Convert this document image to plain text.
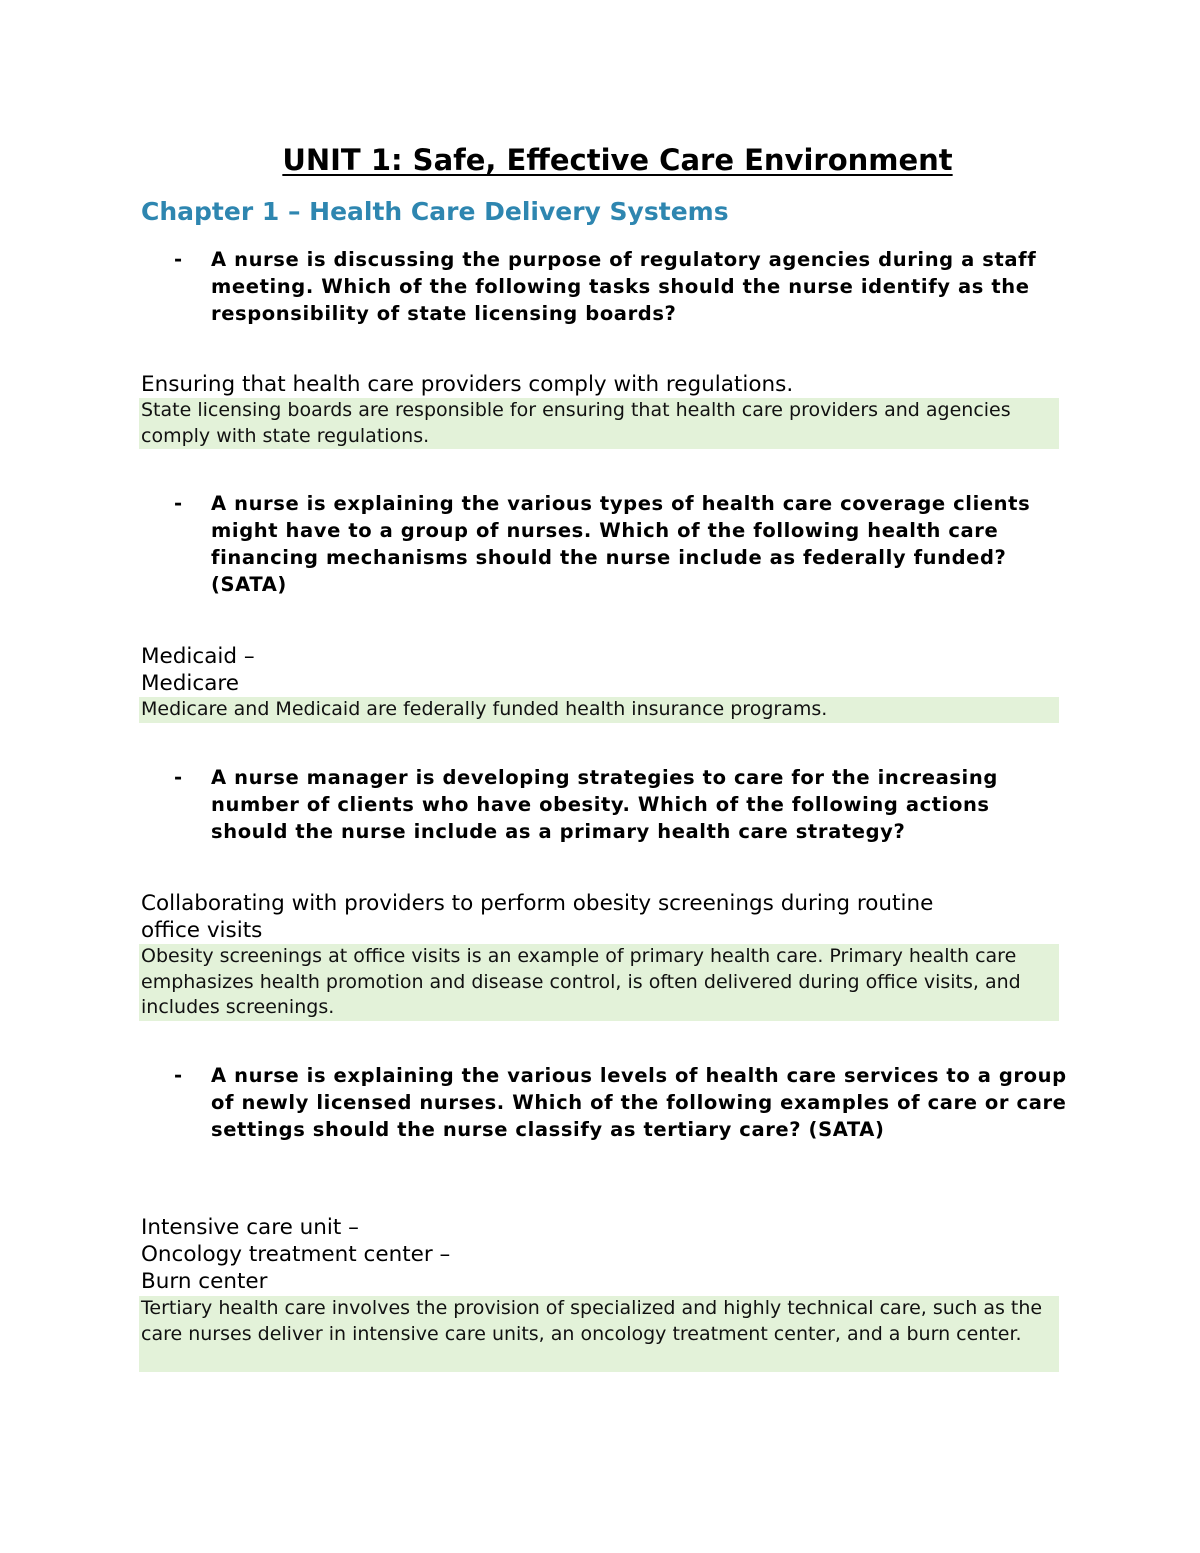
UNIT 1: Safe, Effective Care Environment
Chapter 1 – Health Care Delivery Systems
-	A nurse is discussing the purpose of regulatory agencies during a staff meeting. Which of the following tasks should the nurse identify as the responsibility of state licensing boards?
Ensuring that health care providers comply with regulations.
State licensing boards are responsible for ensuring that health care providers and agencies comply with state regulations.
-	A nurse is explaining the various types of health care coverage clients might have to a group of nurses. Which of the following health care financing mechanisms should the nurse include as federally funded? (SATA)
Medicaid –
Medicare
Medicare and Medicaid are federally funded health insurance programs.
-	A nurse manager is developing strategies to care for the increasing number of clients who have obesity. Which of the following actions should the nurse include as a primary health care strategy?
Collaborating with providers to perform obesity screenings during routine
office visits
Obesity screenings at office visits is an example of primary health care. Primary health care emphasizes health promotion and disease control, is often delivered during office visits, and includes screenings.
-	A nurse is explaining the various levels of health care services to a group of newly licensed nurses. Which of the following examples of care or care settings should the nurse classify as tertiary care? (SATA)
Intensive care unit –
Oncology treatment center –
Burn center
Tertiary health care involves the provision of specialized and highly technical care, such as the care nurses deliver in intensive care units, an oncology treatment center, and a burn center.
